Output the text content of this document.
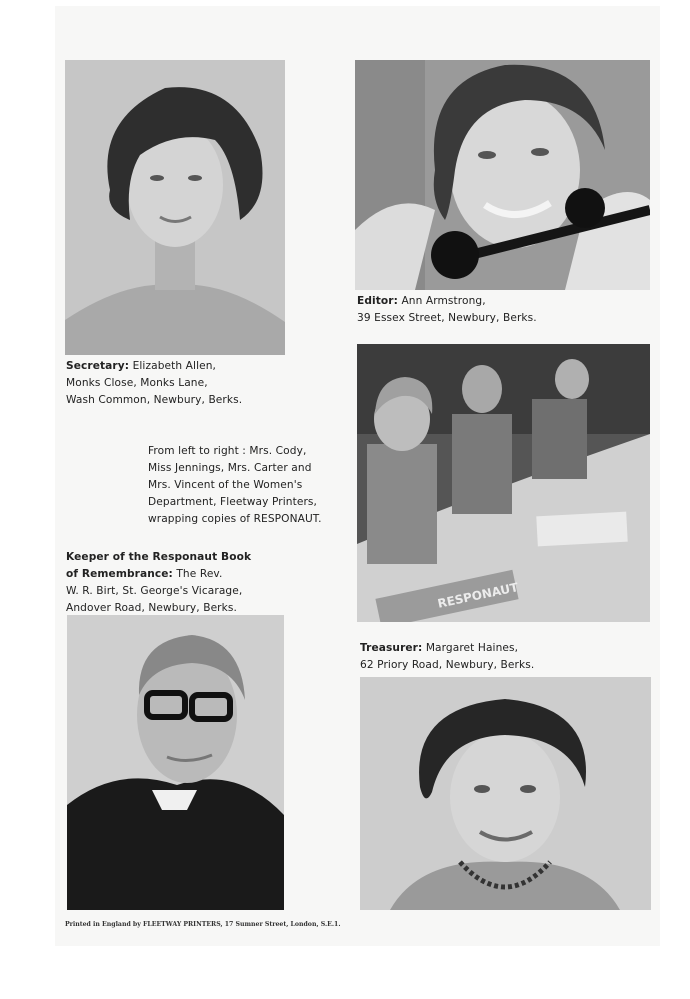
Secretary: Elizabeth Allen,
Monks Close, Monks Lane,
Wash Common, Newbury, Berks.
Editor: Ann Armstrong,
39 Essex Street, Newbury, Berks.
RESPONAUT
From left to right : Mrs. Cody,
Miss Jennings, Mrs. Carter and
Mrs. Vincent of the Women's
Department, Fleetway Printers,
wrapping copies of RESPONAUT.
Keeper of the Responaut Book
of Remembrance: The Rev.
W. R. Birt, St. George's Vicarage,
Andover Road, Newbury, Berks.
Treasurer: Margaret Haines,
62 Priory Road, Newbury, Berks.
Printed in England by FLEETWAY PRINTERS, 17 Sumner Street, London, S.E.1.
